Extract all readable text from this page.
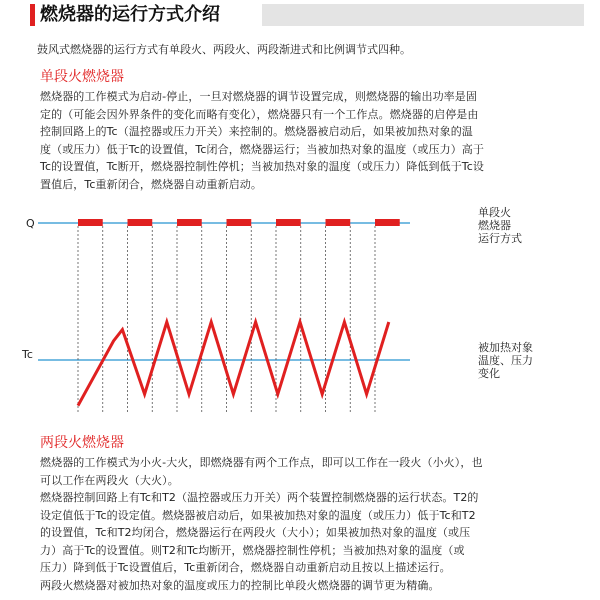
燃烧器的运行方式介绍
鼓风式燃烧器的运行方式有单段火、两段火、两段渐进式和比例调节式四种。
单段火燃烧器
燃烧器的工作模式为启动-停止，一旦对燃烧器的调节设置完成，则燃烧器的输出功率是固
定的（可能会因外界条件的变化而略有变化），燃烧器只有一个工作点。燃烧器的启停是由
控制回路上的Tc（温控器或压力开关）来控制的。燃烧器被启动后，如果被加热对象的温
度（或压力）低于Tc的设置值，Tc闭合，燃烧器运行；当被加热对象的温度（或压力）高于
Tc的设置值，Tc断开，燃烧器控制性停机；当被加热对象的温度（或压力）降低到低于Tc设
置值后，Tc重新闭合，燃烧器自动重新启动。
Q
Tc
单段火
燃烧器
运行方式
被加热对象
温度、压力
变化
两段火燃烧器
燃烧器的工作模式为小火-大火，即燃烧器有两个工作点，即可以工作在一段火（小火），也
可以工作在两段火（大火）。
燃烧器控制回路上有Tc和T2（温控器或压力开关）两个装置控制燃烧器的运行状态。T2的
设定值低于Tc的设定值。燃烧器被启动后，如果被加热对象的温度（或压力）低于Tc和T2
的设置值，Tc和T2均闭合，燃烧器运行在两段火（大小）；如果被加热对象的温度（或压
力）高于Tc的设置值。则T2和Tc均断开，燃烧器控制性停机；当被加热对象的温度（或
压力）降到低于Tc设置值后，Tc重新闭合，燃烧器自动重新启动且按以上描述运行。
两段火燃烧器对被加热对象的温度或压力的控制比单段火燃烧器的调节更为精确。
